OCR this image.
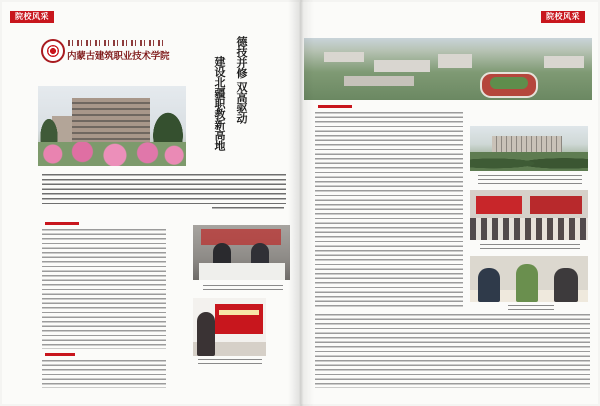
院校风采	院校风采
内蒙古建筑职业技术学院	德技并修 双高驱动
建设北疆职教新高地
